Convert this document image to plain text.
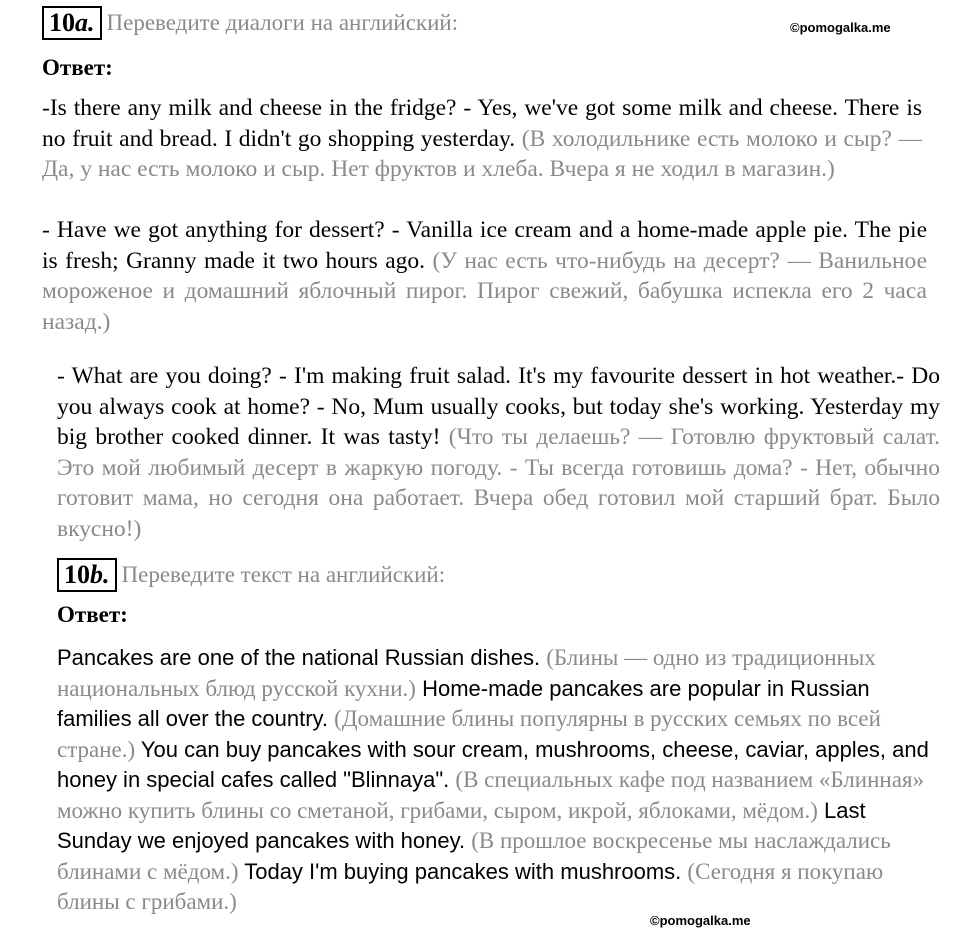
10a. Переведите диалоги на английский:	©pomogalka.me
Ответ:

-Is there any milk and cheese in the fridge? - Yes, we've got some milk and cheese. There is no fruit and bread. I didn't go shopping yesterday. (В холодильнике есть молоко и сыр? — Да, у нас есть молоко и сыр. Нет фруктов и хлеба. Вчера я не ходил в магазин.)

- Have we got anything for dessert? - Vanilla ice cream and a home-made apple pie. The pie is fresh; Granny made it two hours ago. (У нас есть что-нибудь на десерт? — Ванильное мороженое и домашний яблочный пирог. Пирог свежий, бабушка испекла его 2 часа назад.)

- What are you doing? - I'm making fruit salad. It's my favourite dessert in hot weather.- Do you always cook at home? - No, Mum usually cooks, but today she's working. Yesterday my big brother cooked dinner. It was tasty! (Что ты делаешь? — Готовлю фруктовый салат. Это мой любимый десерт в жаркую погоду. - Ты всегда готовишь дома? - Нет, обычно готовит мама, но сегодня она работает. Вчера обед готовил мой старший брат. Было вкусно!)

10b. Переведите текст на английский:
Ответ:

Pancakes are one of the national Russian dishes. (Блины — одно из традиционных национальных блюд русской кухни.) Home-made pancakes are popular in Russian families all over the country. (Домашние блины популярны в русских семьях по всей стране.) You can buy pancakes with sour cream, mushrooms, cheese, caviar, apples, and honey in special cafes called "Blinnaya". (В специальных кафе под названием «Блинная» можно купить блины со сметаной, грибами, сыром, икрой, яблоками, мёдом.) Last Sunday we enjoyed pancakes with honey. (В прошлое воскресенье мы наслаждались блинами с мёдом.) Today I'm buying pancakes with mushrooms. (Сегодня я покупаю блины с грибами.)

©pomogalka.me
